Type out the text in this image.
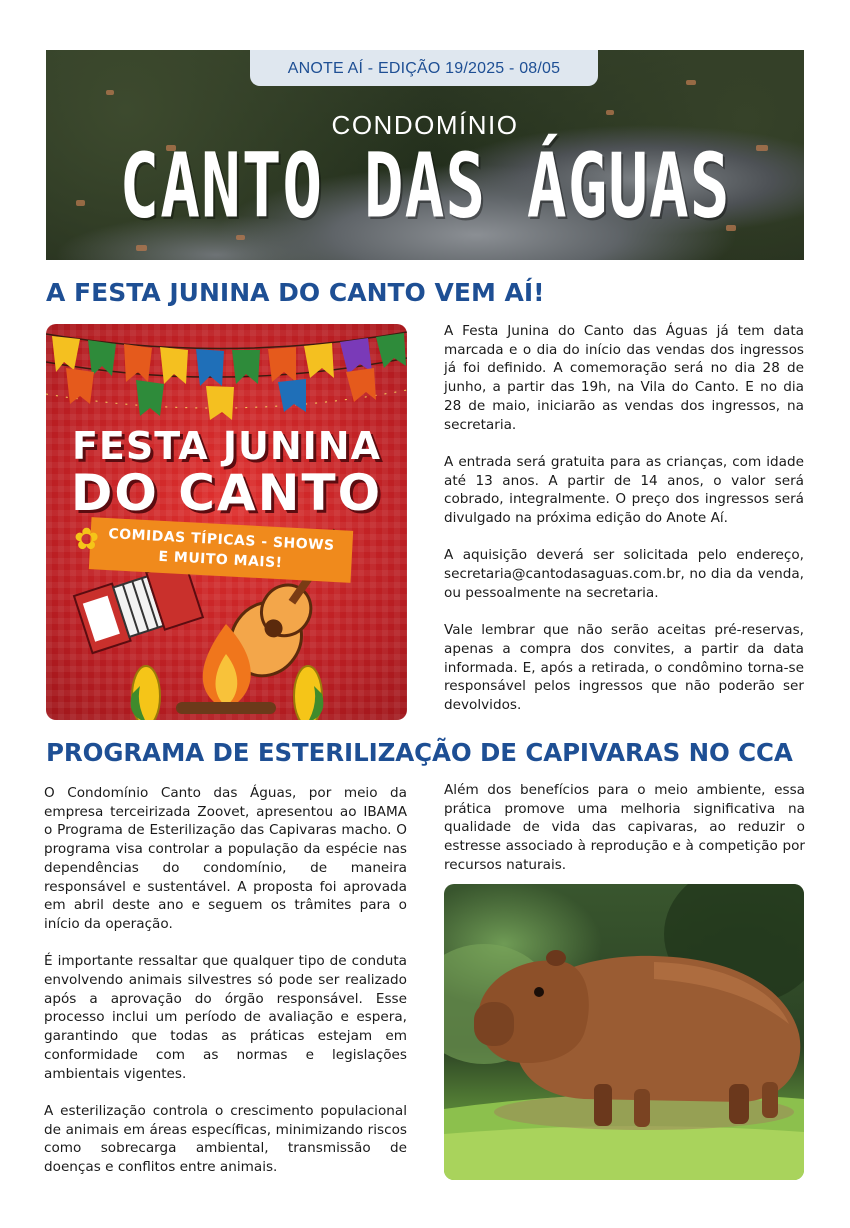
ANOTE AÍ - EDIÇÃO 19/2025 - 08/05
CONDOMÍNIO
CANTO DAS ÁGUAS
A FESTA JUNINA DO CANTO VEM AÍ!
FESTA JUNINA
DO CANTO
COMIDAS TÍPICAS - SHOWS
E MUITO MAIS!
✿

A Festa Junina do Canto das Águas já tem data marcada e o dia do início das vendas dos ingressos já foi definido. A comemoração será no dia 28 de junho, a partir das 19h, na Vila do Canto. E no dia 28 de maio, iniciarão as vendas dos ingressos, na secretaria.

A entrada será gratuita para as crianças, com idade até 13 anos. A partir de 14 anos, o valor será cobrado, integralmente. O preço dos ingressos será divulgado na próxima edição do Anote Aí.

A aquisição deverá ser solicitada pelo endereço, secretaria@cantodasaguas.com.br, no dia da venda, ou pessoalmente na secretaria.

Vale lembrar que não serão aceitas pré-reservas, apenas a compra dos convites, a partir da data informada. E, após a retirada, o condômino torna-se responsável pelos ingressos que não poderão ser devolvidos.

PROGRAMA DE ESTERILIZAÇÃO DE CAPIVARAS NO CCA

O Condomínio Canto das Águas, por meio da empresa terceirizada Zoovet, apresentou ao IBAMA o Programa de Esterilização das Capivaras macho. O programa visa controlar a população da espécie nas dependências do condomínio, de maneira responsável e sustentável. A proposta foi aprovada em abril deste ano e seguem os trâmites para o início da operação.

É importante ressaltar que qualquer tipo de conduta envolvendo animais silvestres só pode ser realizado após a aprovação do órgão responsável. Esse processo inclui um período de avaliação e espera, garantindo que todas as práticas estejam em conformidade com as normas e legislações ambientais vigentes.

A esterilização controla o crescimento populacional de animais em áreas específicas, minimizando riscos como sobrecarga ambiental, transmissão de doenças e conflitos entre animais.

Além dos benefícios para o meio ambiente, essa prática promove uma melhoria significativa na qualidade de vida das capivaras, ao reduzir o estresse associado à reprodução e à competição por recursos naturais.
